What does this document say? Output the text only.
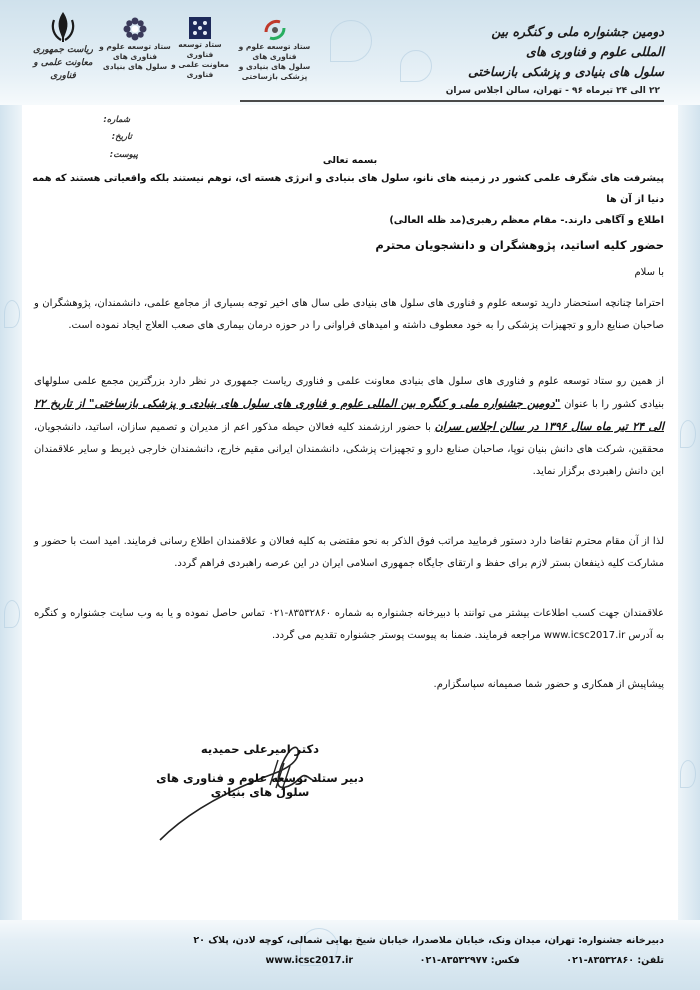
ریاست جمهوری
معاونت علمی و فناوری
ستاد توسعه علوم و فناوری های
سلول های بنیادی
ستاد توسعه فناوری
معاونت علمی و فناوری
ستاد توسعه علوم و فناوری های
سلول های بنیادی و پزشکی بازساختی
دومین جشنواره ملی و کنگره بین المللی علوم و فناوری های
سلول های بنیادی و پزشکی بازساختی
۲۲ الی ۲۴ تیرماه ۹۶ - تهران، سالن اجلاس سران
شماره:
تاریخ:
پیوست:	بسمه تعالی
پیشرفت های شگرف علمی کشور در زمینه های نانو، سلول های بنیادی و انرژی هسته ای، توهم نیستند بلکه واقعیاتی هستند که همه دنیا از آن ها
اطلاع و آگاهی دارند.- مقام معظم رهبری(مد ظله العالی)
حضور کلیه اساتید، پژوهشگران و دانشجویان محترم
با سلام
احتراما چنانچه استحضار دارید توسعه علوم و فناوری های سلول های بنیادی طی سال های اخیر توجه بسیاری از مجامع علمی، دانشمندان، پژوهشگران و صاحبان صنایع دارو و تجهیزات پزشکی را به خود معطوف داشته و امیدهای فراوانی را در حوزه درمان بیماری های صعب العلاج ایجاد نموده است.
از همین رو ستاد توسعه علوم و فناوری های سلول های بنیادی معاونت علمی و فناوری ریاست جمهوری در نظر دارد بزرگترین مجمع علمی سلولهای بنیادی کشور را با عنوان "دومین جشنواره ملی و کنگره بین المللی علوم و فناوری های سلول های بنیادی و پزشکی بازساختی" از تاریخ ۲۲ الی ۲۴ تیر ماه سال ۱۳۹۶ در سالن اجلاس سران با حضور ارزشمند کلیه فعالان حیطه مذکور اعم از مدیران و تصمیم سازان، اساتید، دانشجویان، محققین، شرکت های دانش بنیان نوپا، صاحبان صنایع دارو و تجهیزات پزشکی، دانشمندان ایرانی مقیم خارج، دانشمندان خارجی ذیربط و سایر علاقمندان این دانش راهبردی برگزار نماید.
لذا از آن مقام محترم تقاضا دارد دستور فرمایید مراتب فوق الذکر به نحو مقتضی به کلیه فعالان و علاقمندان اطلاع رسانی فرمایند. امید است با حضور و مشارکت کلیه ذینفعان بستر لازم برای حفظ و ارتقای جایگاه جمهوری اسلامی ایران در این عرصه راهبردی فراهم گردد.
علاقمندان جهت کسب اطلاعات بیشتر می توانند با دبیرخانه جشنواره به شماره ۸۳۵۳۲۸۶۰-۰۲۱ تماس حاصل نموده و یا به وب سایت جشنواره و کنگره به آدرس www.icsc2017.ir مراجعه فرمایند. ضمنا به پیوست پوستر جشنواره تقدیم می گردد.
پیشاپیش از همکاری و حضور شما صمیمانه سپاسگزارم.
دکتر امیرعلی حمیدیه
دبیر ستاد توسعه علوم و فناوری های سلول های بنیادی
دبیرخانه جشنواره: تهران، میدان ونک، خیابان ملاصدرا، خیابان شیخ بهایی شمالی، کوچه لادن، پلاک ۲۰
تلفن: ۸۳۵۳۲۸۶۰-۰۲۱  فکس: ۸۳۵۳۲۹۷۷-۰۲۱  www.icsc2017.ir
